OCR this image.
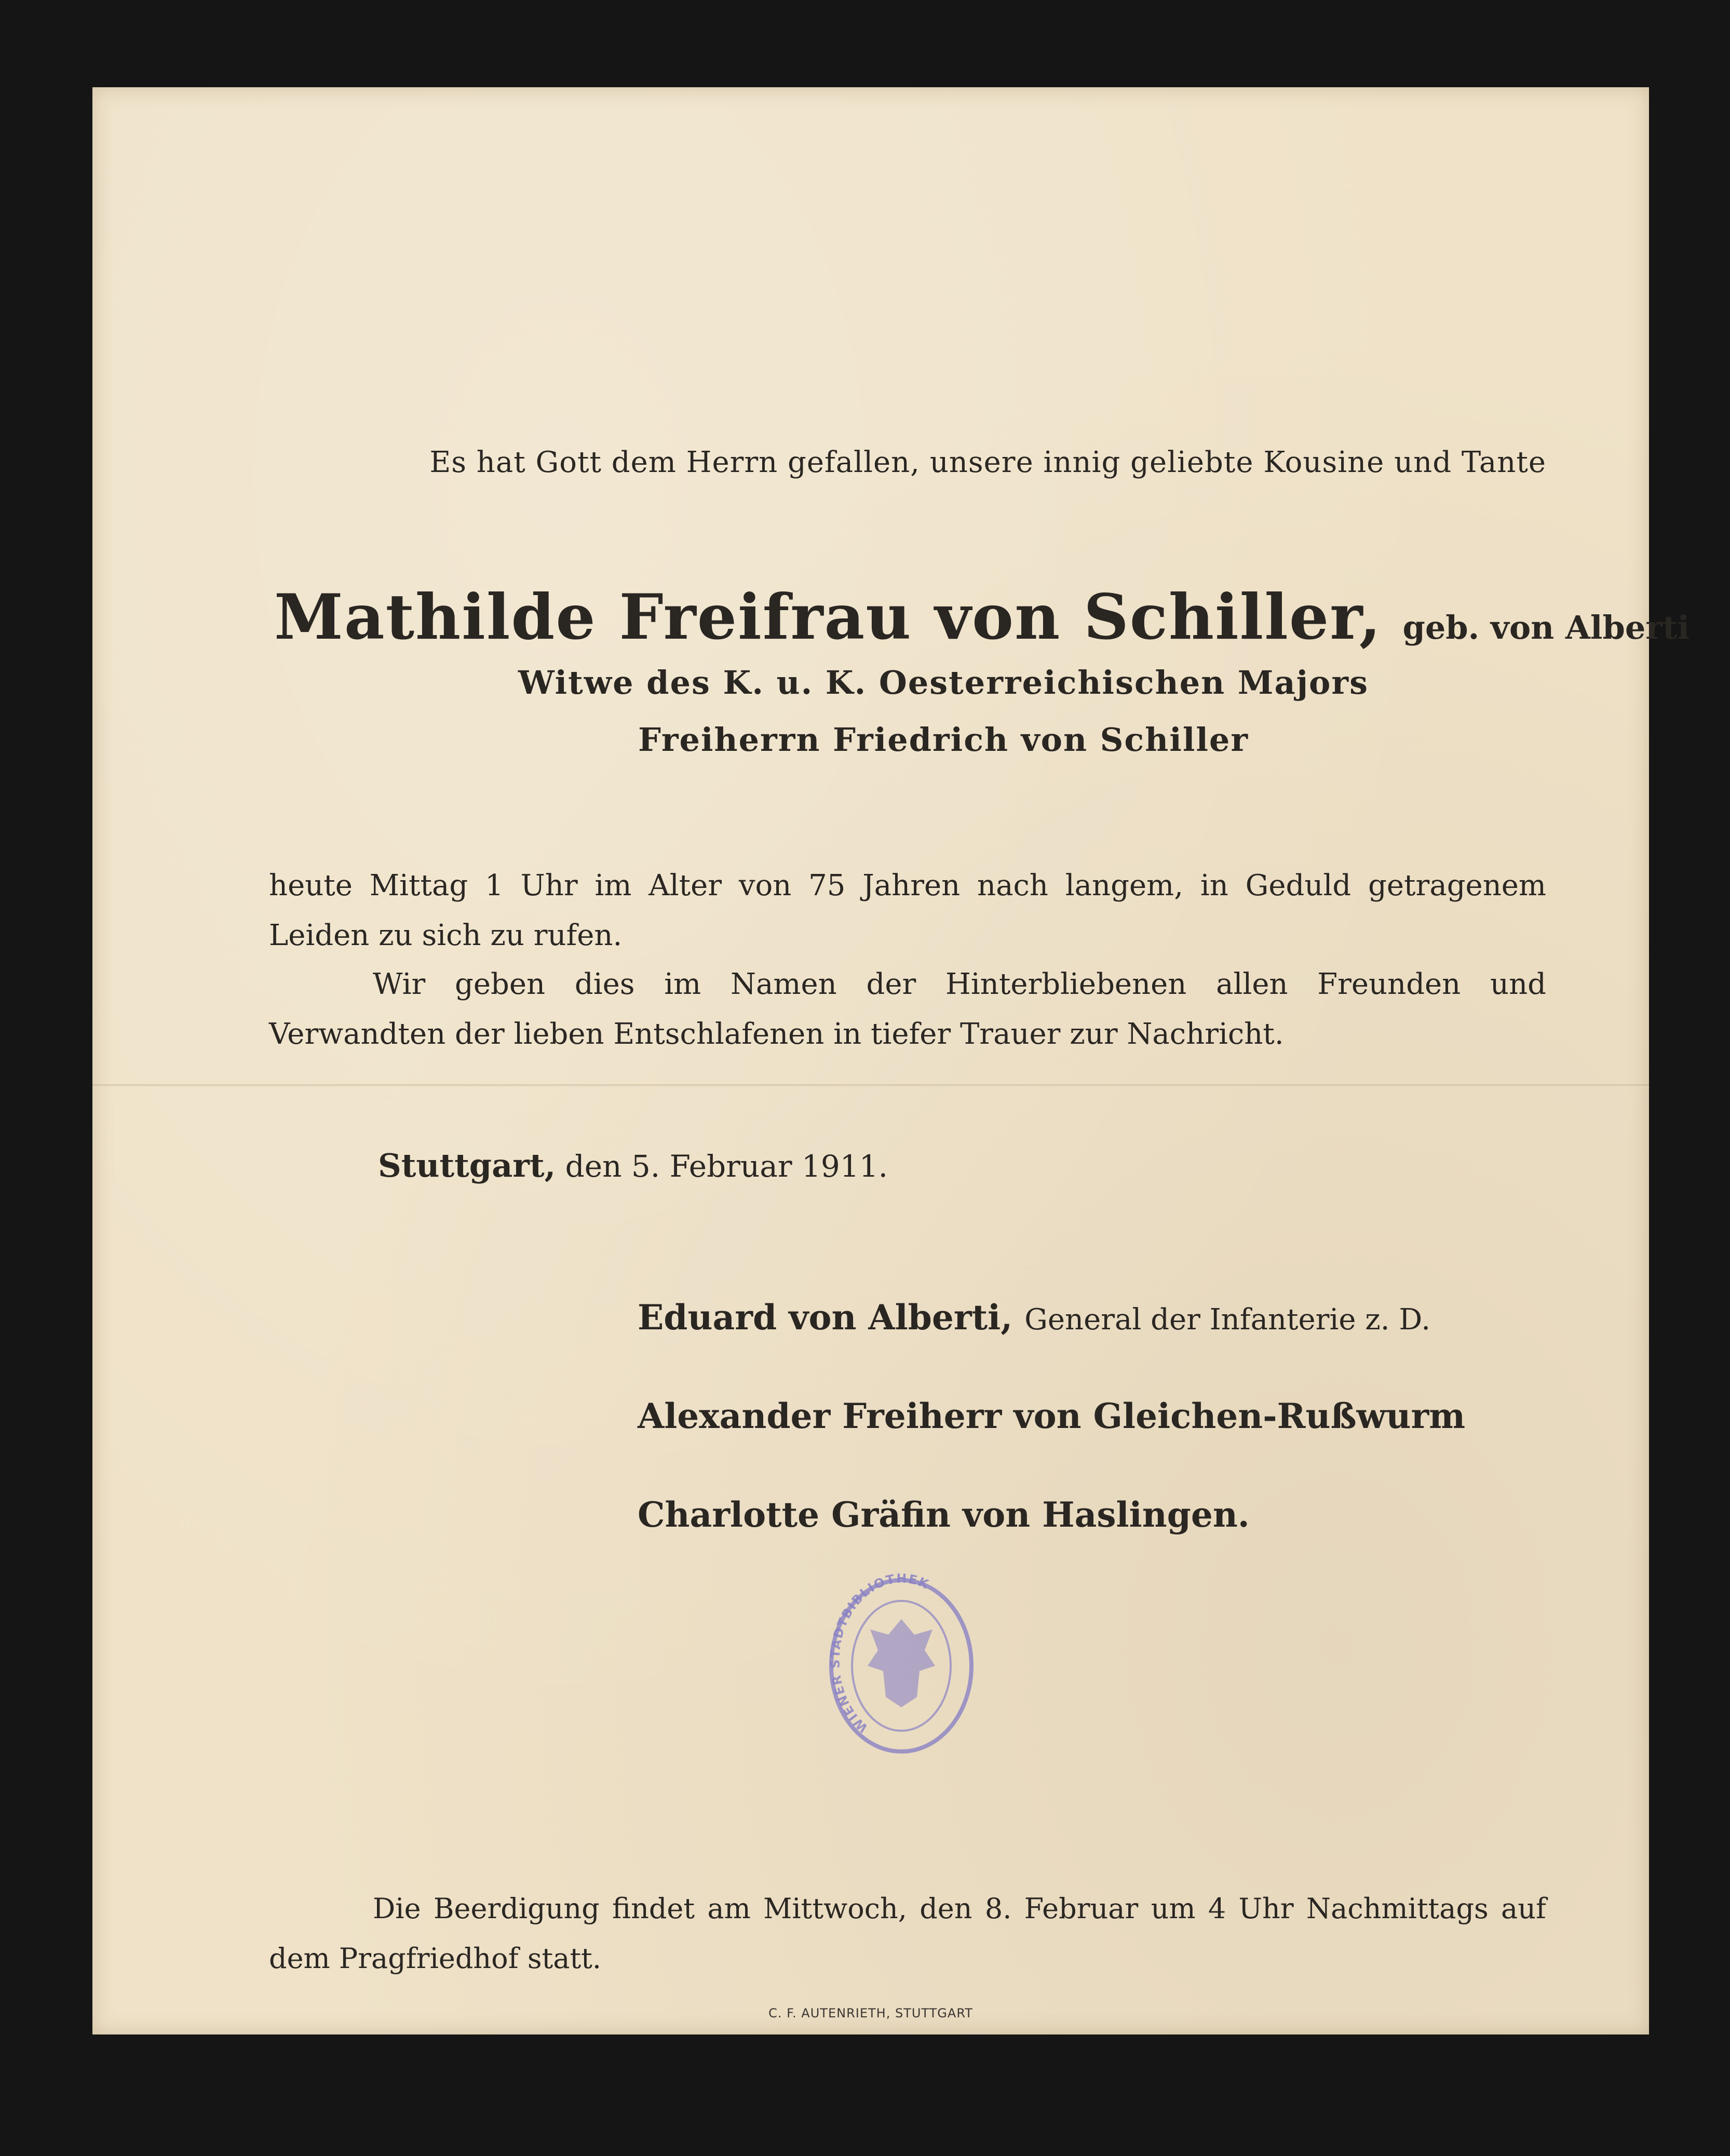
Es hat Gott dem Herrn gefallen, unsere innig geliebte Kousine und Tante

Mathilde Freifrau von Schiller, geb. von Alberti

Witwe des K. u. K. Oesterreichischen Majors

Freiherrn Friedrich von Schiller

heute Mittag 1 Uhr im Alter von 75 Jahren nach langem, in Geduld getragenem Leiden zu sich zu rufen.

Wir geben dies im Namen der Hinterbliebenen allen Freunden und Verwandten der lieben Entschlafenen in tiefer Trauer zur Nachricht.

Stuttgart, den 5. Februar 1911.

Eduard von Alberti, General der Infanterie z. D.

Alexander Freiherr von Gleichen-Rußwurm

Charlotte Gräfin von Haslingen.

WIENER STADTBIBLIOTHEK

Die Beerdigung findet am Mittwoch, den 8. Februar um 4 Uhr Nachmittags auf dem Pragfriedhof statt.

C. F. AUTENRIETH, STUTTGART
